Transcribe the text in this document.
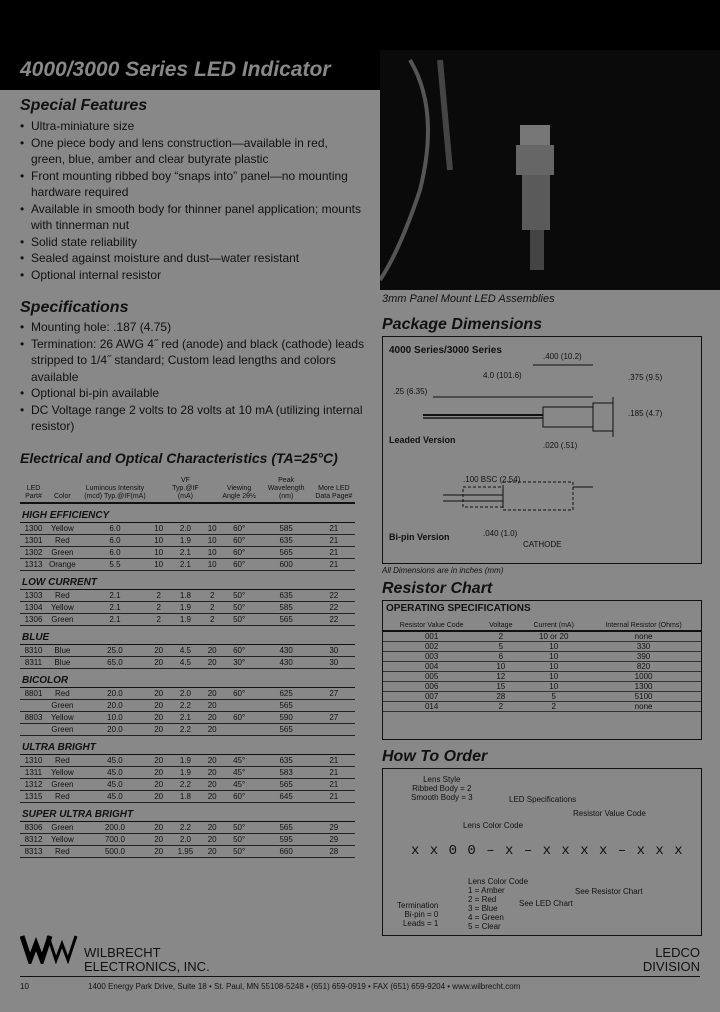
4000/3000 Series LED Indicator
3mm Panel Mount LED Assemblies
Special Features
• Ultra-miniature size
• One piece body and lens construction—available in red, green, blue, amber and clear butyrate plastic
• Front mounting ribbed boy “snaps into” panel—no mounting hardware required
• Available in smooth body for thinner panel application; mounts with tinnerman nut
• Solid state reliability
• Sealed against moisture and dust—water resistant
• Optional internal resistor
Specifications
• Mounting hole: .187 (4.75)
• Termination: 26 AWG 4˝ red (anode) and black (cathode) leads stripped to 1/4˝ standard; Custom lead lengths and colors available
• Optional bi-pin available
• DC Voltage range 2 volts to 28 volts at 10 mA (utilizing internal resistor)
Electrical and Optical Characteristics (TA=25°C)
LED Part#	Color	Luminous Intensity (mcd) Typ.@IF(mA)		VF Typ.@IF (mA)		Viewing Angle 2θ½	Peak Wavelength (nm)	More LED Data Page#
HIGH EFFICIENCY								
1300	Yellow	6.0	10	2.0	10	60°	585	21
1301	Red	6.0	10	1.9	10	60°	635	21
1302	Green	6.0	10	2.1	10	60°	565	21
1313	Orange	5.5	10	2.1	10	60°	600	21
LOW CURRENT								
1303	Red	2.1	2	1.8	2	50°	635	22
1304	Yellow	2.1	2	1.9	2	50°	585	22
1306	Green	2.1	2	1.9	2	50°	565	22
BLUE								
8310	Blue	25.0	20	4.5	20	60°	430	30
8311	Blue	65.0	20	4.5	20	30°	430	30
BICOLOR								
8801	Red	20.0	20	2.0	20	60°	625	27
	Green	20.0	20	2.2	20		565	
8803	Yellow	10.0	20	2.1	20	60°	590	27
	Green	20.0	20	2.2	20		565	
ULTRA BRIGHT								
1310	Red	45.0	20	1.9	20	45°	635	21
1311	Yellow	45.0	20	1.9	20	45°	583	21
1312	Green	45.0	20	2.2	20	45°	565	21
1315	Red	45.0	20	1.8	20	60°	645	21
SUPER ULTRA BRIGHT								
8306	Green	200.0	20	2.2	20	50°	565	29
8312	Yellow	700.0	20	2.0	20	50°	595	29
8313	Red	500.0	20	1.95	20	50°	660	28
Package Dimensions
4000 Series/3000 Series
.400 (10.2)
.25 (6.35)
4.0 (101.6)	.375 (9.5)
.185 (4.7)
.020 (.51)
.100 BSC (2.54)
.040 (1.0)
Leaded Version
Bi-pin Version
CATHODE
All Dimensions are in inches (mm)
Resistor Chart
OPERATING SPECIFICATIONS
Resistor Value Code	Voltage	Current (mA)	Internal Resistor (Ohms)
001	2	10 or 20	none
002	5	10	330
003	6	10	390
004	10	10	820
005	12	10	1000
006	15	10	1300
007	28	5	5100
014	2	2	none
How To Order
Lens Style
Ribbed Body = 2
Smooth Body = 3	LED Specifications
Resistor Value Code
Lens Color Code
x x 0 0 – x – x x x x – x x x
Lens Color Code
1 = Amber
2 = Red
3 = Blue
4 = Green
5 = Clear
Termination
Bi-pin = 0
Leads = 1
See LED Chart
See Resistor Chart
WILBRECHT
ELECTRONICS, INC.
LEDCO
DIVISION
10	1400 Energy Park Drive, Suite 18 • St. Paul, MN 55108-5248 • (651) 659-0919 • FAX (651) 659-9204 • www.wilbrecht.com
